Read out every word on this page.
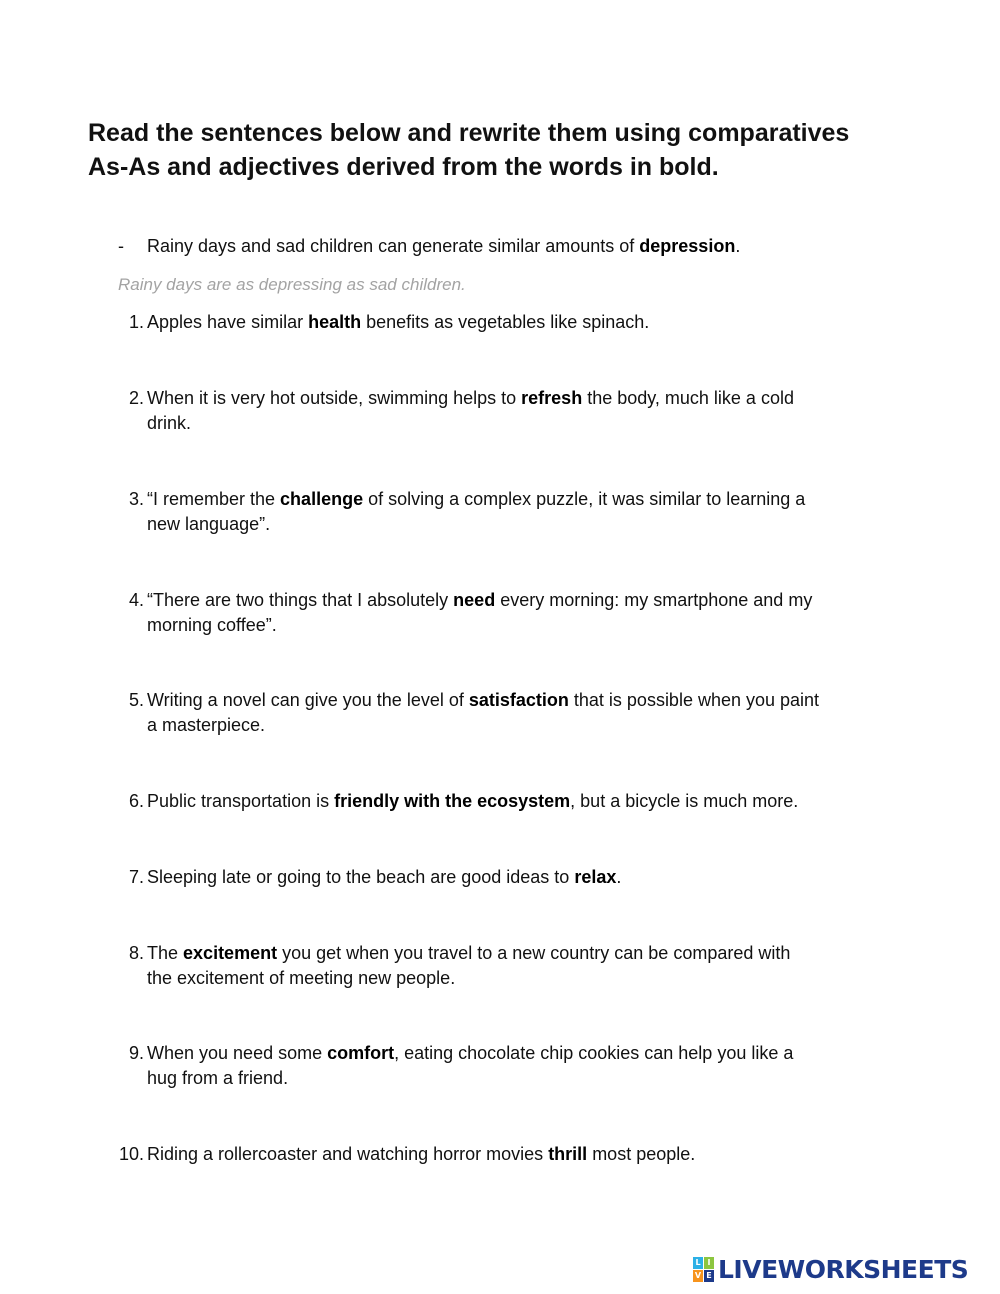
Read the sentences below and rewrite them using comparatives
As-As and adjectives derived from the words in bold.
-	Rainy days and sad children can generate similar amounts of depression.
Rainy days are as depressing as sad children.
1. Apples have similar health benefits as vegetables like spinach.
2. When it is very hot outside, swimming helps to refresh the body, much like a cold
drink.
3. “I remember the challenge of solving a complex puzzle, it was similar to learning a
new language”.
4. “There are two things that I absolutely need every morning: my smartphone and my
morning coffee”.
5. Writing a novel can give you the level of satisfaction that is possible when you paint
a masterpiece.
6. Public transportation is friendly with the ecosystem, but a bicycle is much more.
7. Sleeping late or going to the beach are good ideas to relax.
8. The excitement you get when you travel to a new country can be compared with
the excitement of meeting new people.
9. When you need some comfort, eating chocolate chip cookies can help you like a
hug from a friend.
10. Riding a rollercoaster and watching horror movies thrill most people.
L I
V E LIVEWORKSHEETS
